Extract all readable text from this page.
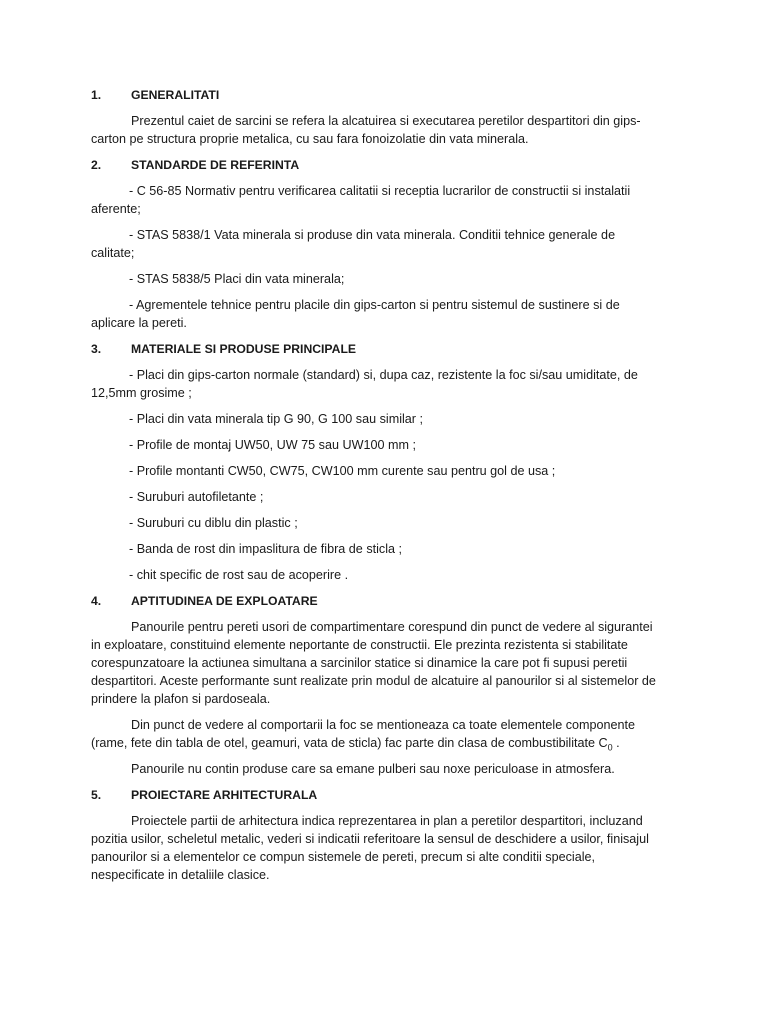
1.	GENERALITATI

Prezentul caiet de sarcini se refera la alcatuirea si executarea peretilor despartitori din gips-carton pe structura proprie metalica, cu sau fara fonoizolatie din vata minerala.

2.	STANDARDE DE REFERINTA

- C 56-85 Normativ pentru verificarea calitatii si receptia lucrarilor de constructii si instalatii aferente;

- STAS 5838/1 Vata minerala si produse din vata minerala. Conditii tehnice generale de calitate;

- STAS 5838/5 Placi din vata minerala;

- Agrementele tehnice pentru placile din gips-carton si pentru sistemul de sustinere si de aplicare la pereti.

3.	MATERIALE SI PRODUSE PRINCIPALE

- Placi din gips-carton normale (standard) si, dupa caz, rezistente la foc si/sau umiditate, de 12,5mm grosime ;

- Placi din vata minerala tip G 90, G 100 sau similar ;

- Profile de montaj UW50, UW 75 sau UW100 mm ;

- Profile montanti CW50, CW75, CW100 mm curente sau pentru gol de usa ;

- Suruburi autofiletante ;

- Suruburi cu diblu din plastic ;

- Banda de rost din impaslitura de fibra de sticla ;

- chit specific de rost sau de acoperire .

4.	APTITUDINEA DE EXPLOATARE

Panourile pentru pereti usori de compartimentare corespund din punct de vedere al sigurantei in exploatare, constituind elemente neportante de constructii. Ele prezinta rezistenta si stabilitate corespunzatoare la actiunea simultana a sarcinilor statice si dinamice la care pot fi supusi peretii despartitori. Aceste performante sunt realizate prin modul de alcatuire al panourilor si al sistemelor de prindere la plafon si pardoseala.

Din punct de vedere al comportarii la foc se mentioneaza ca toate elementele componente (rame, fete din tabla de otel, geamuri, vata de sticla) fac parte din clasa de combustibilitate $C_0$ .

Panourile nu contin produse care sa emane pulberi sau noxe periculoase in atmosfera.

5.	PROIECTARE ARHITECTURALA

Proiectele partii de arhitectura indica reprezentarea in plan a peretilor despartitori, incluzand pozitia usilor, scheletul metalic, vederi si indicatii referitoare la sensul de deschidere a usilor, finisajul panourilor si a elementelor ce compun sistemele de pereti, precum si alte conditii speciale, nespecificate in detaliile clasice.
